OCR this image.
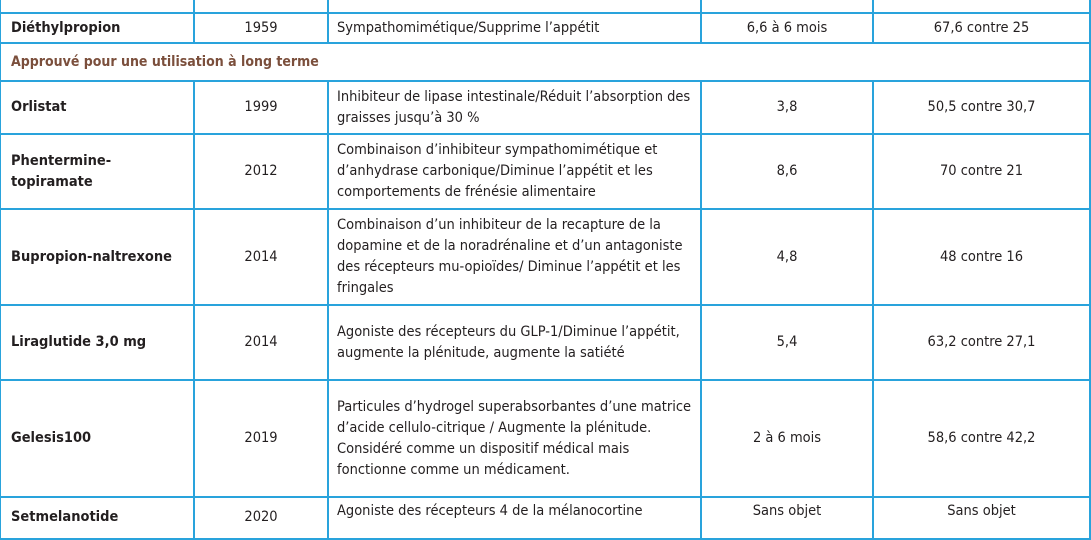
Diéthylpropion	1959	Sympathomimétique/Supprime l’appétit	6,6 à 6 mois	67,6 contre 25
Approuvé pour une utilisation à long terme				
Orlistat	1999	Inhibiteur de lipase intestinale/Réduit l’absorption des graisses jusqu’à 30 %	3,8	50,5 contre 30,7
Phentermine-topiramate	2012	Combinaison d’inhibiteur sympathomimétique et d’anhydrase carbonique/Diminue l’appétit et les comportements de frénésie alimentaire	8,6	70 contre 21
Bupropion-naltrexone	2014	Combinaison d’un inhibiteur de la recapture de la dopamine et de la noradrénaline et d’un antagoniste des récepteurs mu-opioïdes/ Diminue l’appétit et les fringales	4,8	48 contre 16
Liraglutide 3,0 mg	2014	Agoniste des récepteurs du GLP-1/Diminue l’appétit, augmente la plénitude, augmente la satiété	5,4	63,2 contre 27,1
Gelesis100	2019	Particules d’hydrogel superabsorbantes d’une matrice d’acide cellulo-citrique / Augmente la plénitude. Considéré comme un dispositif médical mais fonctionne comme un médicament.	2 à 6 mois	58,6 contre 42,2
Setmelanotide	2020	Agoniste des récepteurs 4 de la mélanocortine	Sans objet	Sans objet
